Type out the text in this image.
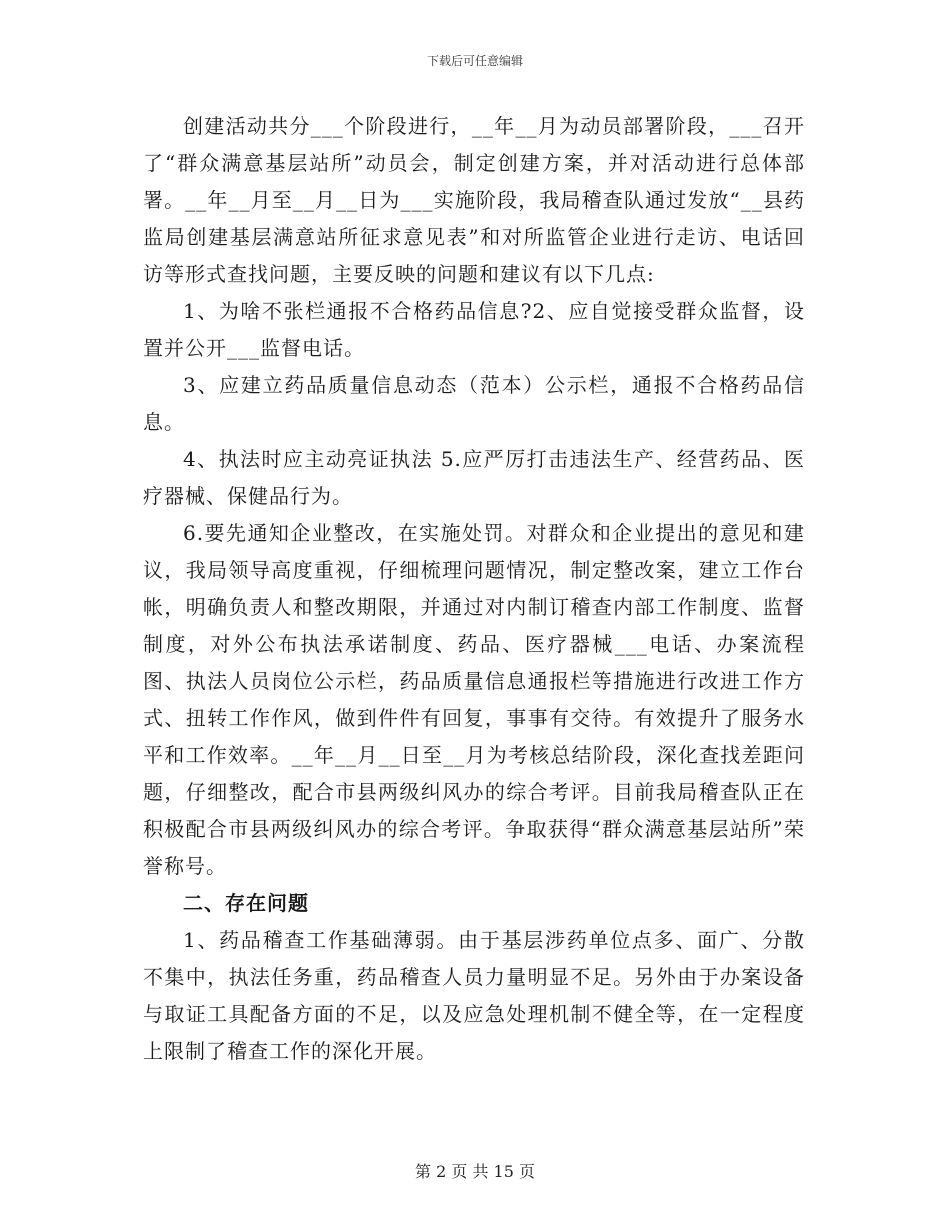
下载后可任意编辑

创建活动共分___个阶段进行，__年__月为动员部署阶段，___召开了“群众满意基层站所”动员会，制定创建方案，并对活动进行总体部署。__年__月至__月__日为___实施阶段，我局稽查队通过发放“__县药监局创建基层满意站所征求意见表”和对所监管企业进行走访、电话回访等形式查找问题，主要反映的问题和建议有以下几点:

1、为啥不张栏通报不合格药品信息?2、应自觉接受群众监督，设置并公开___监督电话。

3、应建立药品质量信息动态（范本）公示栏，通报不合格药品信息。

4、执法时应主动亮证执法 5.应严厉打击违法生产、经营药品、医疗器械、保健品行为。

6.要先通知企业整改，在实施处罚。对群众和企业提出的意见和建议，我局领导高度重视，仔细梳理问题情况，制定整改案，建立工作台帐，明确负责人和整改期限，并通过对内制订稽查内部工作制度、监督制度，对外公布执法承诺制度、药品、医疗器械___电话、办案流程图、执法人员岗位公示栏，药品质量信息通报栏等措施进行改进工作方式、扭转工作作风，做到件件有回复，事事有交待。有效提升了服务水平和工作效率。__年__月__日至__月为考核总结阶段，深化查找差距问题，仔细整改，配合市县两级纠风办的综合考评。目前我局稽查队正在积极配合市县两级纠风办的综合考评。争取获得“群众满意基层站所”荣誉称号。

二、存在问题

1、药品稽查工作基础薄弱。由于基层涉药单位点多、面广、分散不集中，执法任务重，药品稽查人员力量明显不足。另外由于办案设备与取证工具配备方面的不足，以及应急处理机制不健全等，在一定程度上限制了稽查工作的深化开展。

第 2 页 共 15 页
